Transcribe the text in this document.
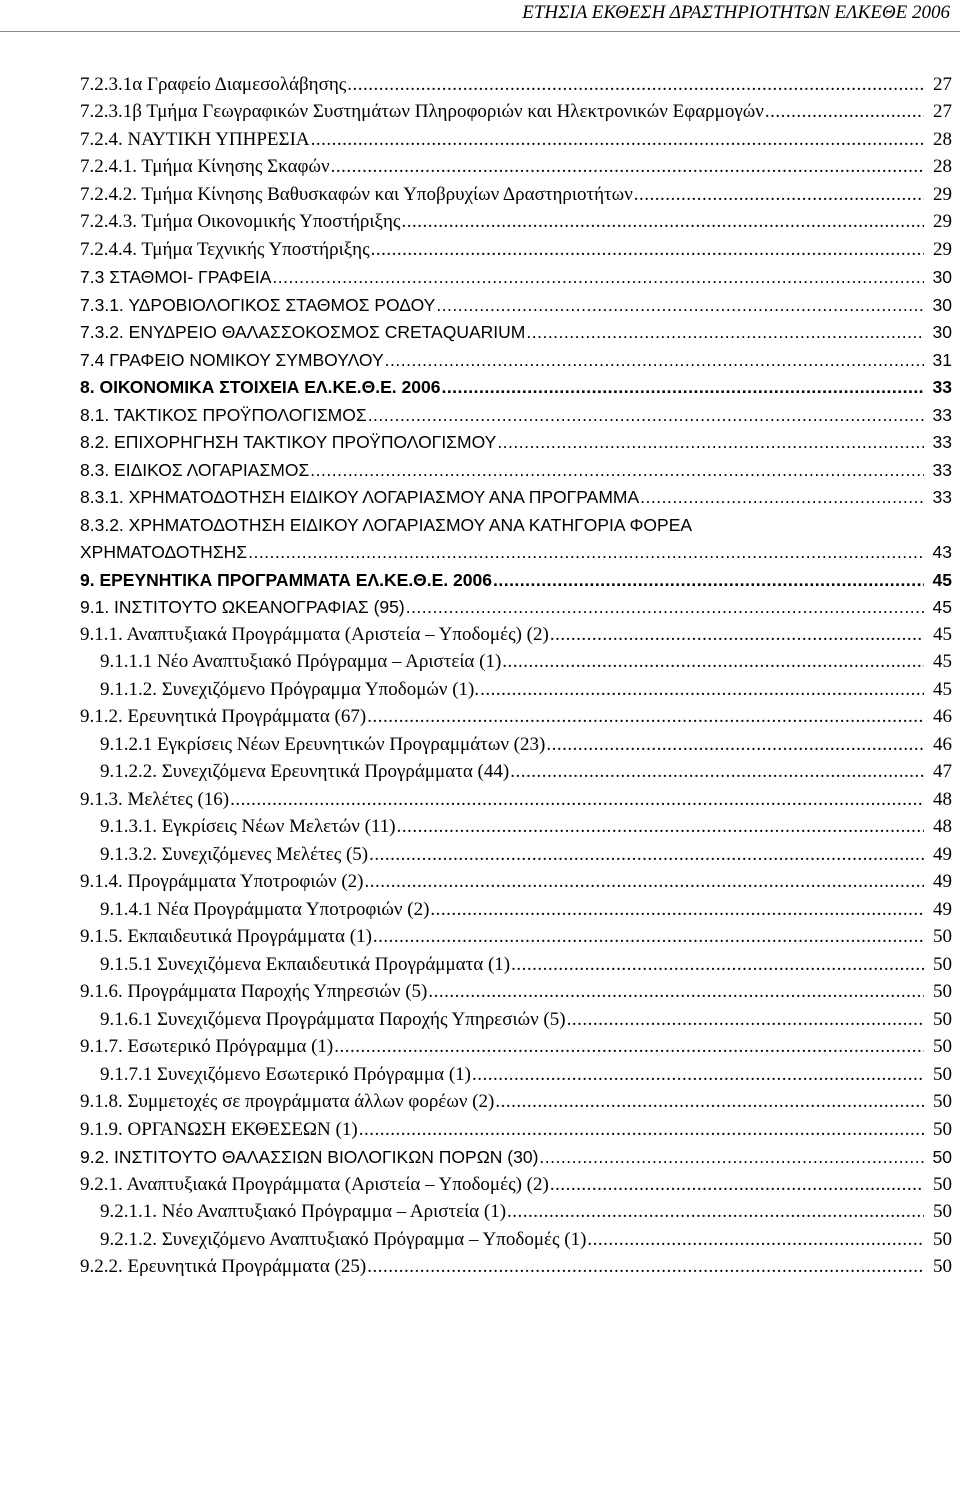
ΕΤΗΣΙΑ ΕΚΘΕΣΗ ΔΡΑΣΤΗΡΙΟΤΗΤΩΝ ΕΛΚΕΘΕ 2006
7.2.3.1α Γραφείο Διαμεσολάβησης .....	27
7.2.3.1β Τμήμα Γεωγραφικών Συστημάτων Πληροφοριών και Ηλεκτρονικών Εφαρμογών .....	27
7.2.4. ΝΑΥΤΙΚΗ ΥΠΗΡΕΣΙΑ .....	28
7.2.4.1. Τμήμα Κίνησης Σκαφών .....	28
7.2.4.2. Τμήμα Κίνησης Βαθυσκαφών και Υποβρυχίων Δραστηριοτήτων .....	29
7.2.4.3. Τμήμα Οικονομικής Υποστήριξης .....	29
7.2.4.4. Τμήμα Τεχνικής Υποστήριξης .....	29
7.3 ΣΤΑΘΜΟΙ- ΓΡΑΦΕΙΑ .....	30
7.3.1. ΥΔΡΟΒΙΟΛΟΓΙΚΟΣ ΣΤΑΘΜΟΣ ΡΟΔΟΥ .....	30
7.3.2. ΕΝΥΔΡΕΙΟ ΘΑΛΑΣΣΟΚΟΣΜΟΣ CRETAQUARIUM .....	30
7.4 ΓΡΑΦΕΙΟ ΝΟΜΙΚΟΥ ΣΥΜΒΟΥΛΟΥ .....	31
8. ΟΙΚΟΝΟΜΙΚΑ ΣΤΟΙΧΕΙΑ ΕΛ.ΚΕ.Θ.Ε. 2006 .....	33
8.1. ΤΑΚΤΙΚΟΣ ΠΡΟΫΠΟΛΟΓΙΣΜΟΣ .....	33
8.2. ΕΠΙΧΟΡΗΓΗΣΗ ΤΑΚΤΙΚΟΥ ΠΡΟΫΠΟΛΟΓΙΣΜΟΥ .....	33
8.3. ΕΙΔΙΚΟΣ ΛΟΓΑΡΙΑΣΜΟΣ .....	33
8.3.1. ΧΡΗΜΑΤΟΔΟΤΗΣΗ ΕΙΔΙΚΟΥ ΛΟΓΑΡΙΑΣΜΟΥ ΑΝΑ ΠΡΟΓΡΑΜΜΑ .....	33
8.3.2. ΧΡΗΜΑΤΟΔΟΤΗΣΗ ΕΙΔΙΚΟΥ ΛΟΓΑΡΙΑΣΜΟΥ ΑΝΑ ΚΑΤΗΓΟΡΙΑ ΦΟΡΕΑ
ΧΡΗΜΑΤΟΔΟΤΗΣΗΣ .....	43
9. ΕΡΕΥΝΗΤΙΚΑ ΠΡΟΓΡΑΜΜΑΤΑ ΕΛ.ΚΕ.Θ.Ε. 2006 .....	45
9.1. ΙΝΣΤΙΤΟΥΤΟ ΩΚΕΑΝΟΓΡΑΦΙΑΣ (95) .....	45
9.1.1. Αναπτυξιακά Προγράμματα (Αριστεία – Υποδομές) (2) .....	45
9.1.1.1 Νέο Αναπτυξιακό Πρόγραμμα – Αριστεία (1) .....	45
9.1.1.2. Συνεχιζόμενο Πρόγραμμα Υποδομών (1). .....	45
9.1.2. Ερευνητικά Προγράμματα (67) .....	46
9.1.2.1 Εγκρίσεις Νέων Ερευνητικών Προγραμμάτων (23) .....	46
9.1.2.2. Συνεχιζόμενα Ερευνητικά Προγράμματα (44) .....	47
9.1.3. Μελέτες (16) .....	48
9.1.3.1. Εγκρίσεις Νέων Μελετών (11) .....	48
9.1.3.2. Συνεχιζόμενες Μελέτες (5) .....	49
9.1.4. Προγράμματα Υποτροφιών (2) .....	49
9.1.4.1 Νέα Προγράμματα Υποτροφιών (2) .....	49
9.1.5. Εκπαιδευτικά Προγράμματα (1) .....	50
9.1.5.1 Συνεχιζόμενα Εκπαιδευτικά Προγράμματα (1) .....	50
9.1.6. Προγράμματα Παροχής Υπηρεσιών (5) .....	50
9.1.6.1 Συνεχιζόμενα Προγράμματα Παροχής Υπηρεσιών (5) .....	50
9.1.7. Εσωτερικό Πρόγραμμα (1) .....	50
9.1.7.1 Συνεχιζόμενο Εσωτερικό Πρόγραμμα (1) .....	50
9.1.8. Συμμετοχές σε προγράμματα άλλων φορέων (2) .....	50
9.1.9. ΟΡΓΑΝΩΣΗ ΕΚΘΕΣΕΩΝ (1) .....	50
9.2. ΙΝΣΤΙΤΟΥΤΟ ΘΑΛΑΣΣΙΩΝ ΒΙΟΛΟΓΙΚΩΝ ΠΟΡΩΝ (30) .....	50
9.2.1. Αναπτυξιακά Προγράμματα (Αριστεία – Υποδομές) (2) .....	50
9.2.1.1. Νέο Αναπτυξιακό Πρόγραμμα – Αριστεία (1) .....	50
9.2.1.2. Συνεχιζόμενο Αναπτυξιακό Πρόγραμμα – Υποδομές (1) .....	50
9.2.2. Ερευνητικά Προγράμματα (25) .....	50
